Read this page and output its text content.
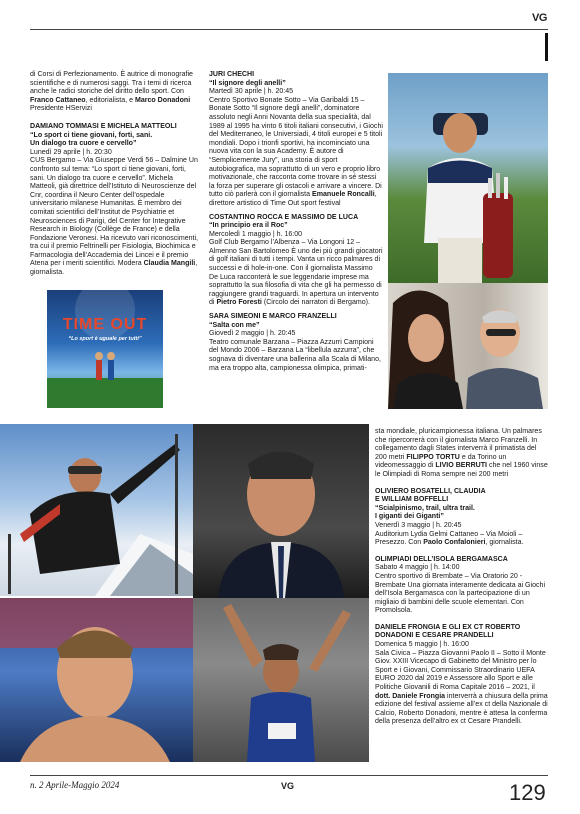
VG

di Corsi di Perfezionamento. È autrice di monografie scientifiche e di numerosi saggi. Tra i temi di ricerca anche le radici storiche del diritto dello sport. Con Franco Cattaneo, editorialista, e Marco Donadoni Presidente HServizi

DAMIANO TOMMASI E MICHELA MATTEOLI

“Lo sport ci tiene giovani, forti, sani.

Un dialogo tra cuore e cervello”

Lunedì 29 aprile | h. 20:30

CUS Bergamo – Via Giuseppe Verdi 56 – Dalmine Un confronto sul tema: “Lo sport ci tiene giovani, forti, sani. Un dialogo tra cuore e cervello”. Michela Matteoli, già direttrice dell’Istituto di Neuroscienze del Cnr, coordina il Neuro Center dell’ospedale universitario milanese Humanitas. È membro dei comitati scientifici dell’Institut de Psychiatrie et Neurosciences di Parigi, del Center for Integrative Research in Biology (Collège de France) e della Fondazione Veronesi. Ha ricevuto vari riconoscimenti, tra cui il premio Feltrinelli per Fisiologia, Biochimica e Farmacologia dell’Accademia dei Lincei e il premio Atena per i meriti scientifici. Modera Claudia Mangili, giornalista.

TIME OUT
“Lo sport è uguale per tutti”

JURI CHECHI

“Il signore degli anelli”

Martedì 30 aprile | h. 20:45

Centro Sportivo Bonate Sotto – Via Garibaldi 15 – Bonate Sotto “Il signore degli anelli”, dominatore assoluto negli Anni Novanta della sua specialità, dal 1989 al 1995 ha vinto 6 titoli italiani consecutivi, i Giochi del Mediterraneo, le Universiadi, 4 titoli europei e 5 titoli mondiali. Dopo i trionfi sportivi, ha incominciato una nuova vita con la sua Academy. È autore di “Semplicemente Jury”, una storia di sport autobiografica, ma soprattutto di un vero e proprio libro motivazionale, che racconta come trovare in sé stessi la forza per superare gli ostacoli e arrivare a vincere. Di tutto ciò parlerà con il giornalista Emanuele Roncalli, direttore artistico di Time Out sport festival

COSTANTINO ROCCA E MASSIMO DE LUCA

“In principio era il Roc”

Mercoledì 1 maggio | h. 16:00

Golf Club Bergamo l’Albenza – Via Longoni 12 – Almenno San Bartolomeo È uno dei più grandi giocatori di golf italiani di tutti i tempi. Vanta un ricco palmares di successi e di hole-in-one. Con il giornalista Massimo De Luca racconterà le sue leggendarie imprese ma soprattutto la sua filosofia di vita che gli ha permesso di raggiungere grandi traguardi. In apertura un intervento di Pietro Foresti (Circolo dei narratori di Bergamo).

SARA SIMEONI E MARCO FRANZELLI

“Salta con me”

Giovedì 2 maggio | h. 20:45

Teatro comunale Barzana – Piazza Azzurri Campioni del Mondo 2006 – Barzana La “libellula azzurra”, che sognava di diventare una ballerina alla Scala di Milano, ma era troppo alta, campionessa olimpica, primati-

sta mondiale, pluricampionessa italiana. Un palmares che ripercorrerà con il giornalista Marco Franzelli. In collegamento dagli States interverrà il primatista del 200 metri FILIPPO TORTU e da Torino un videomessaggio di LIVIO BERRUTI che nel 1960 vinse le Olimpiadi di Roma sempre nei 200 metri

OLIVIERO BOSATELLI, CLAUDIA

E WILLIAM BOFFELLI

“Scialpinismo, trail, ultra trail.

I giganti dei Giganti”

Venerdì 3 maggio | h. 20:45

Auditorium Lydia Gelmi Cattaneo – Via Moioli – Presezzo. Con Paolo Confalonieri, giornalista.

OLIMPIADI DELL’ISOLA BERGAMASCA

Sabato 4 maggio | h. 14:00

Centro sportivo di Brembate – Via Oratorio 20 - Brembate Una giornata interamente dedicata ai Giochi dell’Isola Bergamasca con la partecipazione di un migliaio di bambini delle scuole elementari. Con Promolsola.

DANIELE FRONGIA E GLI EX CT ROBERTO

DONADONI E CESARE PRANDELLI

Domenica 5 maggio | h. 16:00

Sala Civica – Piazza Giovanni Paolo II – Sotto il Monte Giov. XXIII Vicecapo di Gabinetto del Ministro per lo Sport e i Giovani, Commissario Straordinario UEFA EURO 2020 dal 2019 e Assessore allo Sport e alle Politiche Giovanili di Roma Capitale 2016 – 2021, il dott. Daniele Frongia interverrà a chiusura della prima edizione del festival assieme all’ex ct della Nazionale di Calcio, Roberto Donadoni, mentre è attesa la conferma della presenza dell’altro ex ct Cesare Prandelli.

n. 2 Aprile-Maggio 2024	VG	129
